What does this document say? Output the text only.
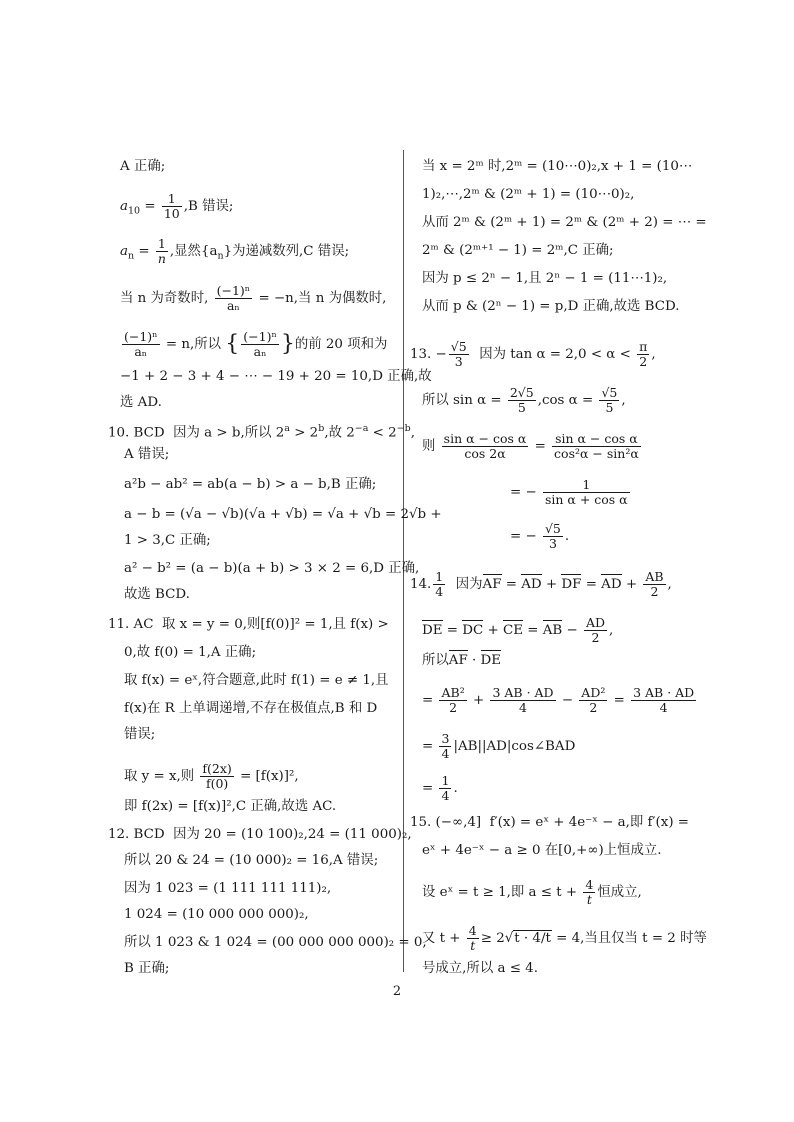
A 正确;
$a_{10} = \frac{1}{10} ,B$ 错误;
$a_n = \frac{1}{n}$ ,显然$\{a_n\}$为递减数列,C 错误;
当 n 为奇数时, $\frac{\text{(−1)ⁿ}}{\text{aₙ}} = -n$,当 n 为偶数时,
$\frac{\text{(−1)ⁿ}}{\text{aₙ}} = n$,所以 { $\frac{\text{(−1)ⁿ}}{\text{aₙ}}$ }的前 20 项和为
−1 + 2 − 3 + 4 − ⋯ − 19 + 20 = 10,D 正确,故
选 AD.
10. BCD 因为 a > b,所以 $2^a > 2^b$,故 $2^{-a} < 2^{-b}$,
A 错误;
a²b − ab² = ab(a − b) > a − b,B 正确;
a − b = (√a − √b)(√a + √b) = √a + √b = 2√b +
1 > 3,C 正确;
a² − b² = (a − b)(a + b) > 3 × 2 = 6,D 正确,
故选 BCD.
11. AC 取 x = y = 0,则[f(0)]² = 1,且 f(x) >
0,故 f(0) = 1,A 正确;
取 f(x) = eˣ,符合题意,此时 f(1) = e ≠ 1,且
f(x)在 R 上单调递增,不存在极值点,B 和 D
错误;
取 y = x,则 $\frac{f(2x)}{f(0)} = [f(x)]^2$,
即 f(2x) = [f(x)]²,C 正确,故选 AC.
12. BCD 因为 20 = (10 100)₂,24 = (11 000)₂,
所以 20 & 24 = (10 000)₂ = 16,A 错误;
因为 1 023 = (1 111 111 111)₂,
1 024 = (10 000 000 000)₂,
所以 1 023 & 1 024 = (00 000 000 000)₂ = 0,
B 正确;
当 x = 2ᵐ 时,2ᵐ = (10⋯0)₂,x + 1 = (10⋯
1)₂,⋯,2ᵐ & (2ᵐ + 1) = (10⋯0)₂,
从而 2ᵐ & (2ᵐ + 1) = 2ᵐ & (2ᵐ + 2) = ⋯ =
2ᵐ & (2ᵐ⁺¹ − 1) = 2ᵐ,C 正确;
因为 p ≤ 2ⁿ − 1,且 2ⁿ − 1 = (11⋯1)₂,
从而 p & (2ⁿ − 1) = p,D 正确,故选 BCD.
13. − $\frac{√5}{3}$ 因为 $\tan \alpha = 2,0 < \alpha < \frac{\pi}{2}$ ,
所以 $\sin \alpha = \frac{2√5}{5} ,\cos$ $\alpha = \frac{√5}{5}$ ,
则 $\frac{\text{sin α − cos α}}{\cos 2\alpha} = \frac{\text{sin α − cos α}}{\text{cos²α − sin²α}}$
= − $\frac{1}{\text{sin α + cos α}}$
= − $\frac{√5}{3}$ .
14. $\frac{1}{4}$ 因为AF = AD + DF = AD + $\frac{AB}{2}$ ,
DE = DC + CE = AB − $\frac{AD}{2}$ ,
所以AF · DE
= $\frac{\text{AB²}}{2} + \frac{3 AB \cdot AD}{4} - \frac{\text{AD²}}{2} = \frac{3 AB \cdot AD}{4}$
= $\frac{3}{4}$ |AB||AD|cos∠BAD
= $\frac{1}{4}$ .
15. (−∞,4] f′(x) = eˣ + 4e⁻ˣ − a,即 f′(x) =
eˣ + 4e⁻ˣ − a ≥ 0 在[0,+∞)上恒成立.
设 eˣ = t ≥ 1,即 $a \le t + \frac{4}{t}$ 恒成立,
又 $t + \frac{4}{t} \ge 2√t \cdot 4/t = 4$,当且仅当 t = 2 时等
号成立,所以 a ≤ 4.
2
